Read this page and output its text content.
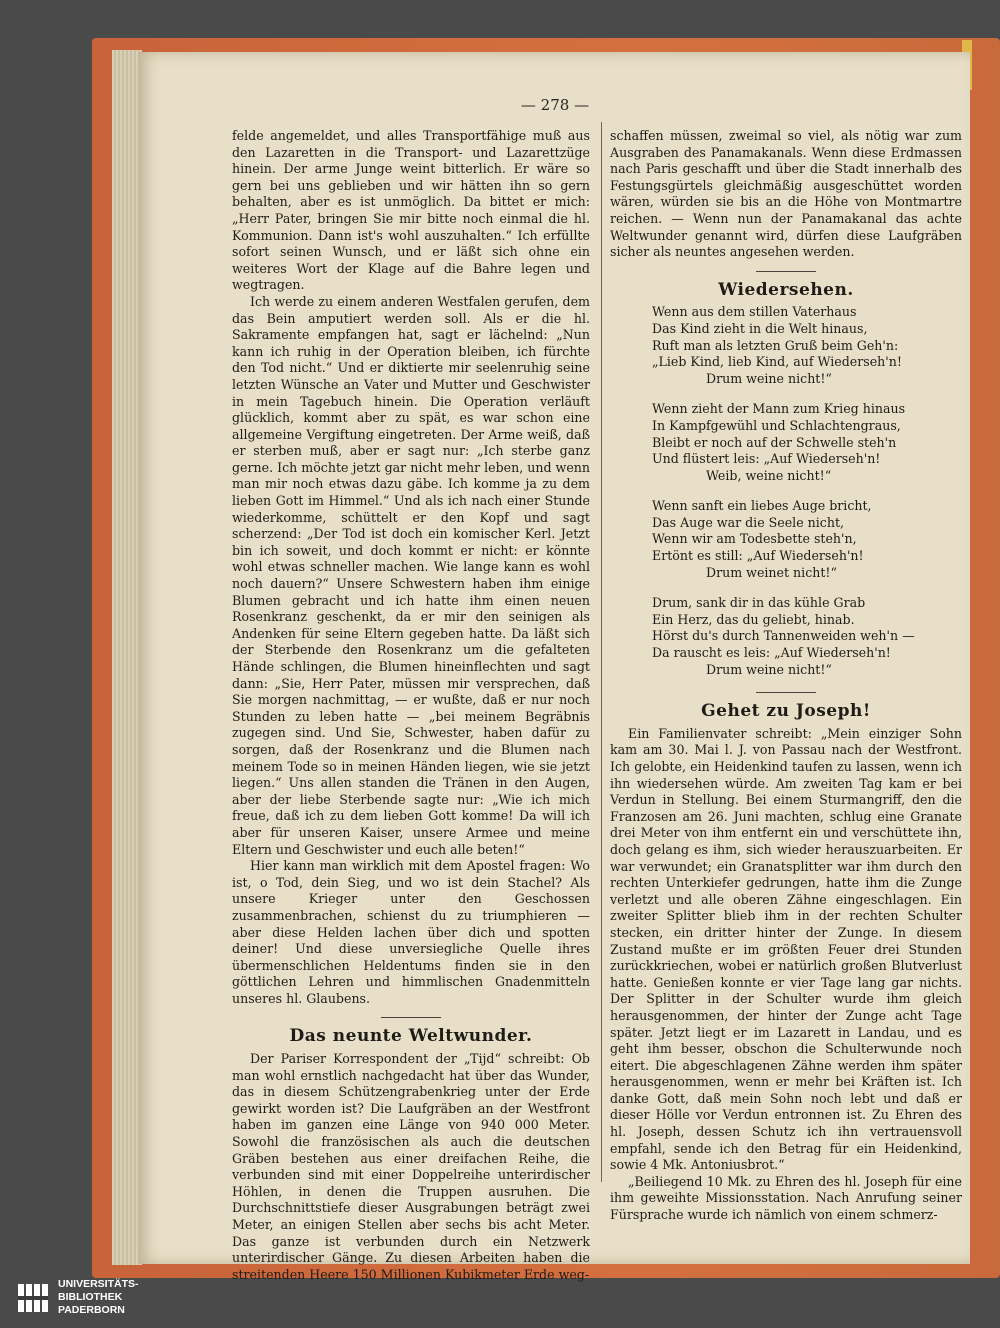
— 278 —

felde angemeldet, und alles Transportfähige muß aus den Lazaretten in die Transport- und Lazarettzüge hinein. Der arme Junge weint bitterlich. Er wäre so gern bei uns geblieben und wir hätten ihn so gern behalten, aber es ist unmöglich. Da bittet er mich: „Herr Pater, bringen Sie mir bitte noch einmal die hl. Kommunion. Dann ist's wohl auszuhalten.“ Ich erfüllte sofort seinen Wunsch, und er läßt sich ohne ein weiteres Wort der Klage auf die Bahre legen und wegtragen.

Ich werde zu einem anderen Westfalen gerufen, dem das Bein amputiert werden soll. Als er die hl. Sakramente empfangen hat, sagt er lächelnd: „Nun kann ich ruhig in der Operation bleiben, ich fürchte den Tod nicht.“ Und er diktierte mir seelenruhig seine letzten Wünsche an Vater und Mutter und Geschwister in mein Tagebuch hinein. Die Operation verläuft glücklich, kommt aber zu spät, es war schon eine allgemeine Vergiftung eingetreten. Der Arme weiß, daß er sterben muß, aber er sagt nur: „Ich sterbe ganz gerne. Ich möchte jetzt gar nicht mehr leben, und wenn man mir noch etwas dazu gäbe. Ich komme ja zu dem lieben Gott im Himmel.“ Und als ich nach einer Stunde wiederkomme, schüttelt er den Kopf und sagt scherzend: „Der Tod ist doch ein komischer Kerl. Jetzt bin ich soweit, und doch kommt er nicht: er könnte wohl etwas schneller machen. Wie lange kann es wohl noch dauern?“ Unsere Schwestern haben ihm einige Blumen gebracht und ich hatte ihm einen neuen Rosenkranz geschenkt, da er mir den seinigen als Andenken für seine Eltern gegeben hatte. Da läßt sich der Sterbende den Rosenkranz um die gefalteten Hände schlingen, die Blumen hineinflechten und sagt dann: „Sie, Herr Pater, müssen mir versprechen, daß Sie morgen nachmittag, — er wußte, daß er nur noch Stunden zu leben hatte — „bei meinem Begräbnis zugegen sind. Und Sie, Schwester, haben dafür zu sorgen, daß der Rosenkranz und die Blumen nach meinem Tode so in meinen Händen liegen, wie sie jetzt liegen.“ Uns allen standen die Tränen in den Augen, aber der liebe Sterbende sagte nur: „Wie ich mich freue, daß ich zu dem lieben Gott komme! Da will ich aber für unseren Kaiser, unsere Armee und meine Eltern und Geschwister und euch alle beten!“

Hier kann man wirklich mit dem Apostel fragen: Wo ist, o Tod, dein Sieg, und wo ist dein Stachel? Als unsere Krieger unter den Geschossen zusammenbrachen, schienst du zu triumphieren — aber diese Helden lachen über dich und spotten deiner! Und diese unversiegliche Quelle ihres übermenschlichen Heldentums finden sie in den göttlichen Lehren und himmlischen Gnadenmitteln unseres hl. Glaubens.

Das neunte Weltwunder.

Der Pariser Korrespondent der „Tijd“ schreibt: Ob man wohl ernstlich nachgedacht hat über das Wunder, das in diesem Schützengrabenkrieg unter der Erde gewirkt worden ist? Die Laufgräben an der Westfront haben im ganzen eine Länge von 940 000 Meter. Sowohl die französischen als auch die deutschen Gräben bestehen aus einer dreifachen Reihe, die verbunden sind mit einer Doppelreihe unterirdischer Höhlen, in denen die Truppen ausruhen. Die Durchschnittstiefe dieser Ausgrabungen beträgt zwei Meter, an einigen Stellen aber sechs bis acht Meter. Das ganze ist verbunden durch ein Netzwerk unterirdischer Gänge. Zu diesen Arbeiten haben die streitenden Heere 150 Millionen Kubikmeter Erde weg-

schaffen müssen, zweimal so viel, als nötig war zum Ausgraben des Panamakanals. Wenn diese Erdmassen nach Paris geschafft und über die Stadt innerhalb des Festungsgürtels gleichmäßig ausgeschüttet worden wären, würden sie bis an die Höhe von Montmartre reichen. — Wenn nun der Panamakanal das achte Weltwunder genannt wird, dürfen diese Laufgräben sicher als neuntes angesehen werden.

Wiedersehen.
Wenn aus dem stillen Vaterhaus
Das Kind zieht in die Welt hinaus,
Ruft man als letzten Gruß beim Geh'n:
„Lieb Kind, lieb Kind, auf Wiederseh'n!
Drum weine nicht!“
Wenn zieht der Mann zum Krieg hinaus
In Kampfgewühl und Schlachtengraus,
Bleibt er noch auf der Schwelle steh'n
Und flüstert leis: „Auf Wiederseh'n!
Weib, weine nicht!“
Wenn sanft ein liebes Auge bricht,
Das Auge war die Seele nicht,
Wenn wir am Todesbette steh'n,
Ertönt es still: „Auf Wiederseh'n!
Drum weinet nicht!“
Drum, sank dir in das kühle Grab
Ein Herz, das du geliebt, hinab.
Hörst du's durch Tannenweiden weh'n —
Da rauscht es leis: „Auf Wiederseh'n!
Drum weine nicht!“
Gehet zu Joseph!

Ein Familienvater schreibt: „Mein einziger Sohn kam am 30. Mai l. J. von Passau nach der Westfront. Ich gelobte, ein Heidenkind taufen zu lassen, wenn ich ihn wiedersehen würde. Am zweiten Tag kam er bei Verdun in Stellung. Bei einem Sturmangriff, den die Franzosen am 26. Juni machten, schlug eine Granate drei Meter von ihm entfernt ein und verschüttete ihn, doch gelang es ihm, sich wieder herauszuarbeiten. Er war verwundet; ein Granatsplitter war ihm durch den rechten Unterkiefer gedrungen, hatte ihm die Zunge verletzt und alle oberen Zähne eingeschlagen. Ein zweiter Splitter blieb ihm in der rechten Schulter stecken, ein dritter hinter der Zunge. In diesem Zustand mußte er im größten Feuer drei Stunden zurückkriechen, wobei er natürlich großen Blutverlust hatte. Genießen konnte er vier Tage lang gar nichts. Der Splitter in der Schulter wurde ihm gleich herausgenommen, der hinter der Zunge acht Tage später. Jetzt liegt er im Lazarett in Landau, und es geht ihm besser, obschon die Schulterwunde noch eitert. Die abgeschlagenen Zähne werden ihm später herausgenommen, wenn er mehr bei Kräften ist. Ich danke Gott, daß mein Sohn noch lebt und daß er dieser Hölle vor Verdun entronnen ist. Zu Ehren des hl. Joseph, dessen Schutz ich ihn vertrauensvoll empfahl, sende ich den Betrag für ein Heidenkind, sowie 4 Mk. Antoniusbrot.“

„Beiliegend 10 Mk. zu Ehren des hl. Joseph für eine ihm geweihte Missionsstation. Nach Anrufung seiner Fürsprache wurde ich nämlich von einem schmerz-

UNIVERSITÄTS-
BIBLIOTHEK
PADERBORN
